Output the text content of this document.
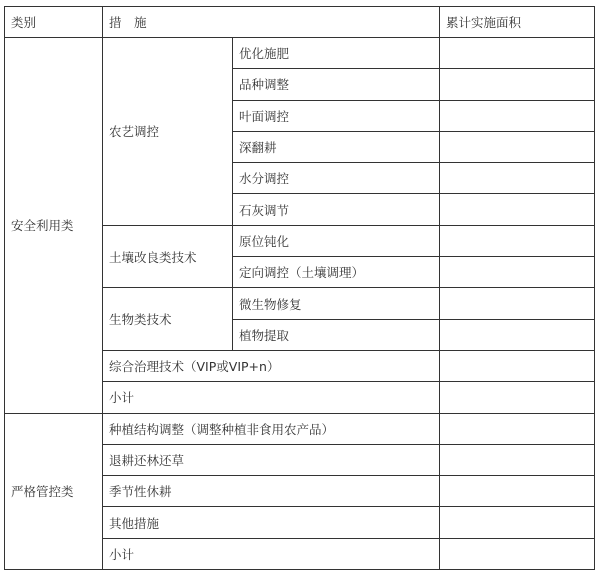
类别	措　施		累计实施面积
安全利用类	农艺调控	优化施肥	
		品种调整	
		叶面调控	
		深翻耕	
		水分调控	
		石灰调节	
	土壤改良类技术	原位钝化	
		定向调控（土壤调理）	
	生物类技术	微生物修复	
		植物提取	
	综合治理技术（VIP或VIP+n）		
	小计		
严格管控类	种植结构调整（调整种植非食用农产品）		
	退耕还林还草		
	季节性休耕		
	其他措施		
	小计		
